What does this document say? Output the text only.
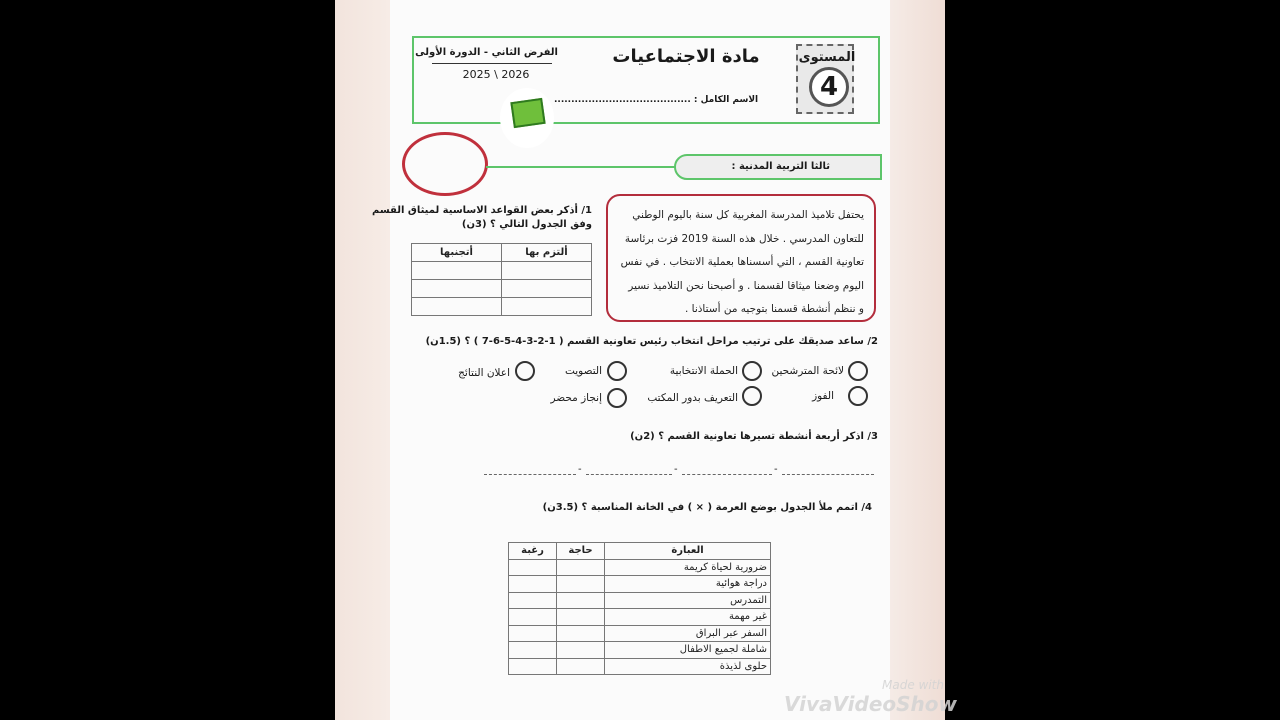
المستوى
4
مادة الاجتماعيات
الفرض الثاني - الدورة الأولى
2025 \ 2026
الاسم الكامل : ........................................
ثالثا التربية المدنية :
يحتفل تلاميذ المدرسة المغربية كل سنة باليوم الوطني
للتعاون المدرسي . خلال هذه السنة 2019 فزت برئاسة
تعاونية القسم ، التي أسسناها بعملية الانتخاب . في نفس
اليوم وضعنا ميثاقا لقسمنا . و أصبحنا نحن التلاميذ نسير
و ننظم أنشطة قسمنا بتوجيه من أستاذنا .
1/ أذكر بعض القواعد الاساسية لميثاق القسم
وفق الجدول التالي ؟ (3ن)
أتجنبها	ألتزم بها

2/ ساعد صديقك على ترتيب مراحل انتخاب رئيس تعاونية القسم ( 1-2-3-4-5-6-7 ) ؟ (1.5ن)
لائحة المترشحين
الحملة الانتخابية
التصويت
اعلان النتائج
الفوز
التعريف بدور المكتب
إنجاز محضر
3/ اذكر أربعة أنشطة تسيرها تعاونية القسم ؟ (2ن)
-	-	-
4/ اتمم ملأ الجدول بوضع العرمة ( × ) في الخانة المناسبة ؟ (3.5ن)
العبارة	حاجة	رغبة
ضرورية لحياة كريمة		
دراجة هوائية		
التمدرس		
غير مهمة		
السفر عبر البراق		
شاملة لجميع الاطفال		
حلوى لذيذة		
Made with
VivaVideoShow
